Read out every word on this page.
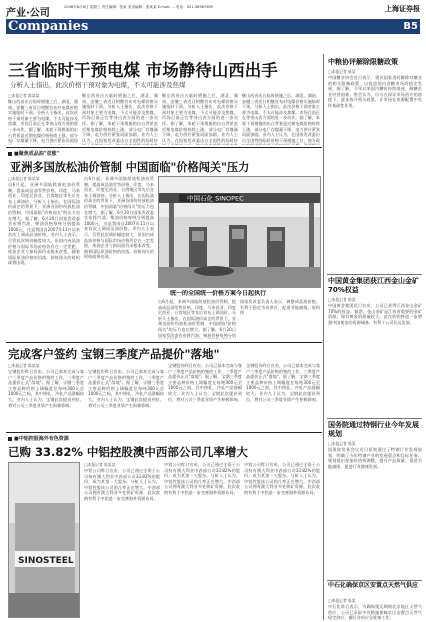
产业·公司
2008年8月6日 星期三 责任编辑：张某 美术编辑：张某某 E-mail: ... 电话：021-38967609	上海证券报
Companies	B5
三省临时干预电煤 市场静待山西出手
分析人士指出，此次价格干预对象为电煤，不太可能涉及焦煤
□本报记者 陈某某
继山西省出台临时措施之后，湖北、湖南、安徽三省近日相继宣布对电煤价格实施临时干预。分析人士指出，此次价格干预对象主要为电煤，不太可能涉及焦煤，市场目前正在等待山西方面的进一步动作。据了解，本轮干预措施的出台背景是近期电煤价格持续上涨，部分电厂存煤量下降，电力供应紧张局面加
继山西省出台临时措施之后，湖北、湖南、安徽三省近日相继宣布对电煤价格实施临时干预。分析人士指出，此次价格干预对象主要为电煤，不太可能涉及焦煤，市场目前正在等待山西方面的进一步动作。据了解，本轮干预措施的出台背景是近期电煤价格持续上涨，部分电厂存煤量下降，电力供应紧张局面加剧。业内人士认为，在国家发改委出台全国性的临时价
继山西省出台临时措施之后，湖北、湖南、安徽三省近日相继宣布对电煤价格实施临时干预。分析人士指出，此次价格干预对象主要为电煤，不太可能涉及焦煤，市场目前正在等待山西方面的进一步动作。据了解，本轮干预措施的出台背景是近期电煤价格持续上涨，部分电厂存煤量下降，电力供应紧张局面加剧。业内人士认为，在国家发改委出台全国性的临时价
继山西省出台临时措施之后，湖北、湖南、安徽三省近日相继宣布对电煤价格实施临时干预。分析人士指出，此次价格干预对象主要为电煤，不太可能涉及焦煤，市场目前正在等待山西方面的进一步动作。据了解，本轮干预措施的出台背景是近期电煤价格持续上涨，部分电厂存煤量下降，电力供应紧张局面加剧。业内人士认为，在国家发改委出台全国性的临时价格干预措施之后，地方政
■聚焦成品油"双涨"
亚洲多国放松油价管制 中国面临"价格闯关"压力
□本报记者 陈某某
自6月起，亚洲多国陆续放松油价管制，提高成品油零售价格。印度、马来西亚、印度尼西亚、台湾地区等先后宣布上调油价。分析人士指出，在国际油价高企的背景下，亚洲各国纷纷放松油价管制，中国面临"价格闯关"的压力也在增大。据了解，6月20日国家发改委宣布将汽油、柴油价格每吨分别提高1000元，这是我国自2007年11月以来首次上调成品油价格。业内人士表示，尽管此次调价幅度较大，但国内成品油价格与国际市场价格仍存在一定差距，炼油企业亏损局面仍未根本改变。随着国际原油价格的回落，价格闯关的时机或将出现。
自6月起，亚洲多国陆续放松油价管制，提高成品油零售价格。印度、马来西亚、印度尼西亚、台湾地区等先后宣布上调油价。分析人士指出，在国际油价高企的背景下，亚洲各国纷纷放松油价管制，中国面临"价格闯关"的压力也在增大。据了解，6月20日国家发改委宣布将汽油、柴油价格每吨分别提高1000元，这是我国自2007年11月以来首次上调成品油价格。业内人士表示，尽管此次调价幅度较大，但国内成品油价格与国际市场价格仍存在一定差距，炼油企业亏损局面仍未根本改变。随着国际原油价格的回落，价格闯关的时机或将出现。
中国石化 SINOPEC
统一的全国统一价格方案今日起执行
自6月起，亚洲多国陆续放松油价管制，提高成品油零售价格。印度、马来西亚、印度尼西亚、台湾地区等先后宣布上调油价。分析人士指出，在国际油价高企的背景下，亚洲各国纷纷放松油价管制，中国面临"价格闯关"的压力也在增大。据了解，6月20日国家发改委宣布将汽油、柴油价格每吨分别
国家发改委负责人表示，调整成品油价格，有利于稳定市场供应，促进节能减排。资料图
完成客户签约 宝钢三季度产品提价"落地"
□本报记者 陈某某
宝钢股份昨日宣布，公司已基本完成与客户三季度产品价格的签约工作，三季度产品提价正式"落地"。据了解，宝钢三季度主要品种价格上调幅度在每吨300元至1000元之间，其中热轧、冷轧产品涨幅较大。业内人士认为，宝钢此次提价到位，将对公司三季度业绩产生积极影响。
宝钢股份昨日宣布，公司已基本完成与客户三季度产品价格的签约工作，三季度产品提价正式"落地"。据了解，宝钢三季度主要品种价格上调幅度在每吨300元至1000元之间，其中热轧、冷轧产品涨幅较大。业内人士认为，宝钢此次提价到位，将对公司三季度业绩产生积极影响。
宝钢股份昨日宣布，公司已基本完成与客户三季度产品价格的签约工作，三季度产品提价正式"落地"。据了解，宝钢三季度主要品种价格上调幅度在每吨300元至1000元之间，其中热轧、冷轧产品涨幅较大。业内人士认为，宝钢此次提价到位，将对公司三季度业绩产生积极影响。
宝钢股份昨日宣布，公司已基本完成与客户三季度产品价格的签约工作，三季度产品提价正式"落地"。据了解，宝钢三季度主要品种价格上调幅度在每吨300元至1000元之间，其中热轧、冷轧产品涨幅较大。业内人士认为，宝钢此次提价到位，将对公司三季度业绩产生积极影响。
■中铝控股海外有色资源
已购 33.82% 中铝控股澳中西部公司几率增大
SINOSTEEL
□本报记者 陈某某
中铝公司昨日宣布，公司已通过全资子公司持有澳大利亚中西部公司33.82%的股份，成为其第一大股东。分析人士认为，中铝控股该公司的几率正在增大。中西部公司拥有澳大利亚多处铁矿资源，此次收购有利于中铝进一步完善海外资源布局。
中铝公司昨日宣布，公司已通过全资子公司持有澳大利亚中西部公司33.82%的股份，成为其第一大股东。分析人士认为，中铝控股该公司的几率正在增大。中西部公司拥有澳大利亚多处铁矿资源，此次收购有利于中铝进一步完善海外资源布局。
中铝公司昨日宣布，公司已通过全资子公司持有澳大利亚中西部公司33.82%的股份，成为其第一大股东。分析人士认为，中铝控股该公司的几率正在增大。中西部公司拥有澳大利亚多处铁矿资源，此次收购有利于中铝进一步完善海外资源布局。
中粮协评解除限糖政策
□本报记者 陈某
中国糖业协会近日表示，建议国家适时解除对糖业的相关限制政策，以促进国内食糖市场的稳定发展。据了解，今年以来国内糖价持续低迷，制糖企业经营困难。协会认为，应当在保证市场供应的前提下，逐步放开相关政策，让市场在资源配置中发挥基础性作用。
中国黄金集团获江西金山金矿70%权益
□本报记者 陈某
中国黄金集团近日宣布，公司已获得江西金山金矿70%的权益。据悉，金山金矿是江西省重要的金矿资源，保有黄金资源量较大。此次收购将进一步增强中国黄金的资源储备，有利于公司长远发展。
国务院通过特钢行业今年发展规划
□本报记者 陈某
国务院常务会议近日原则通过了特钢行业发展规划，明确了今年特钢产业的发展重点和目标任务。规划提出要加快结构调整，提升产品质量，推进节能减排，促进行业健康发展。
中石化确保京区安置点天然气供应
□本报记者 陈某
中石化昨日表示，为确保奥运期间北京地区天然气供应，公司已采取多项措施保障京区安置点天然气稳定供应，做好各项应急准备工作。
